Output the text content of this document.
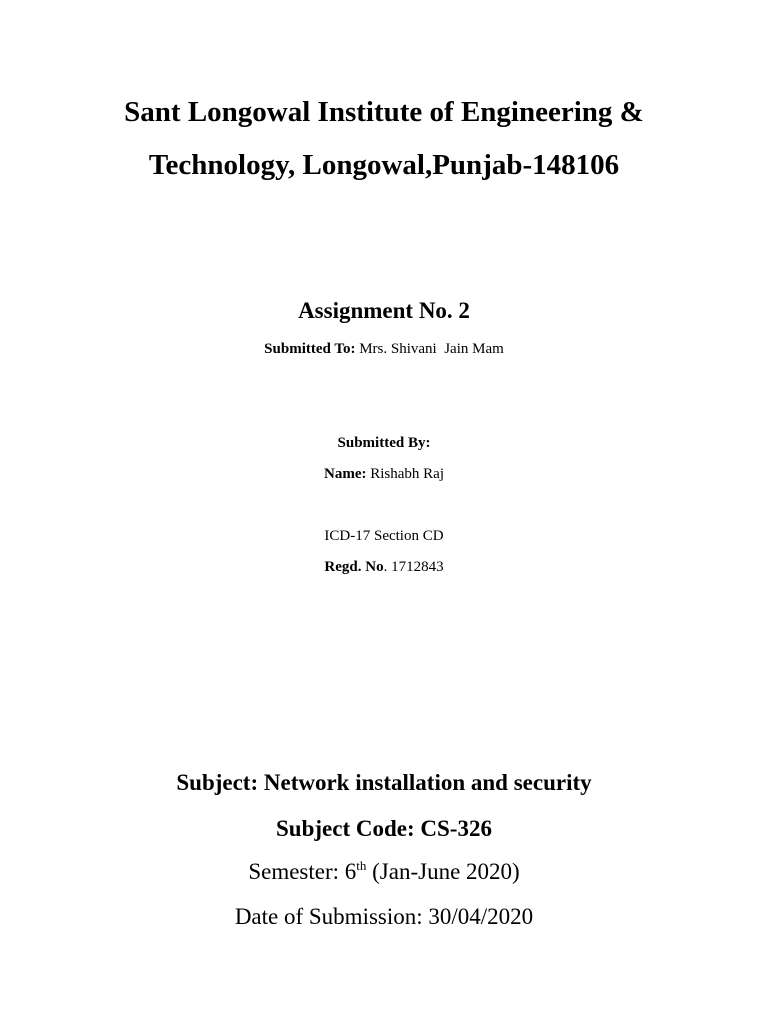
Sant Longowal Institute of Engineering &
Technology, Longowal,Punjab-148106
Assignment No. 2
Submitted To: Mrs. Shivani  Jain Mam
Submitted By:
Name: Rishabh Raj
ICD-17 Section CD
Regd. No. 1712843
Subject: Network installation and security
Subject Code: CS-326
Semester: 6th (Jan-June 2020)
Date of Submission: 30/04/2020
